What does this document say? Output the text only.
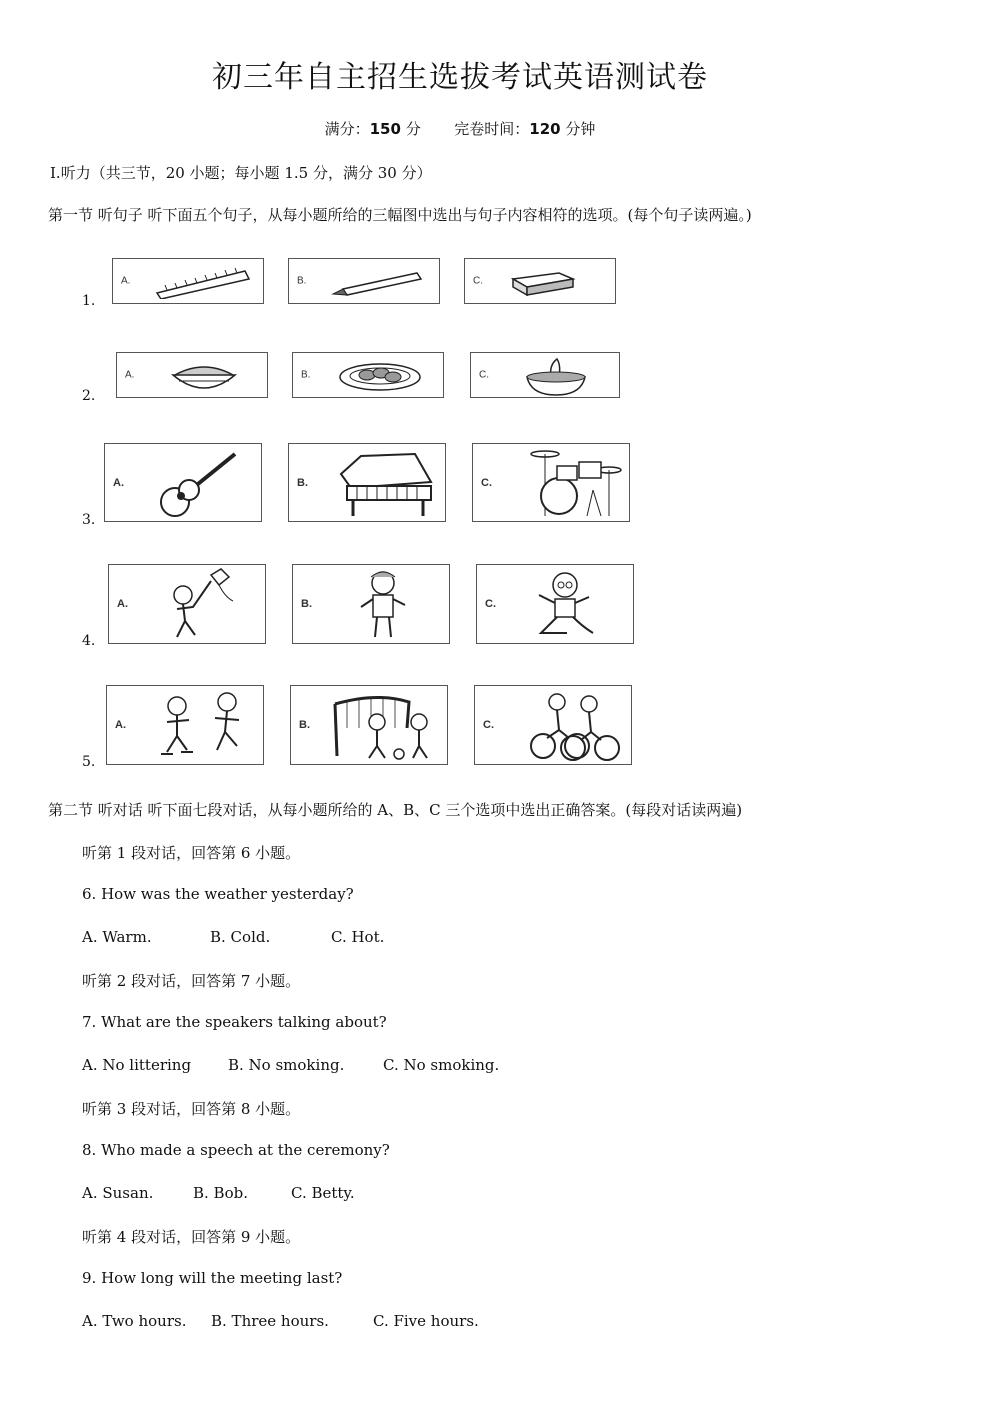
初三年自主招生选拔考试英语测试卷
满分：150 分 完卷时间：120 分钟
Ⅰ.听力（共三节，20 小题；每小题 1.5 分，满分 30 分）
第一节 听句子 听下面五个句子，从每小题所给的三幅图中选出与句子内容相符的选项。(每个句子读两遍。)
1.
A.	B.	C.
2.
A.	B.	C.
3.
A.	B.	C.
4.
A.	B.	C.
5.
A.	B.	C.
第二节 听对话 听下面七段对话，从每小题所给的 A、B、C 三个选项中选出正确答案。(每段对话读两遍)
听第 1 段对话，回答第 6 小题。
6. How was the weather yesterday?
A. Warm.	B. Cold.	C. Hot.
听第 2 段对话，回答第 7 小题。
7. What are the speakers talking about?
A. No littering B. No smoking.	C. No smoking.
听第 3 段对话，回答第 8 小题。
8. Who made a speech at the ceremony?
A. Susan.	B. Bob.	C. Betty.
听第 4 段对话，回答第 9 小题。
9. How long will the meeting last?
A. Two hours. B. Three hours.	C. Five hours.
